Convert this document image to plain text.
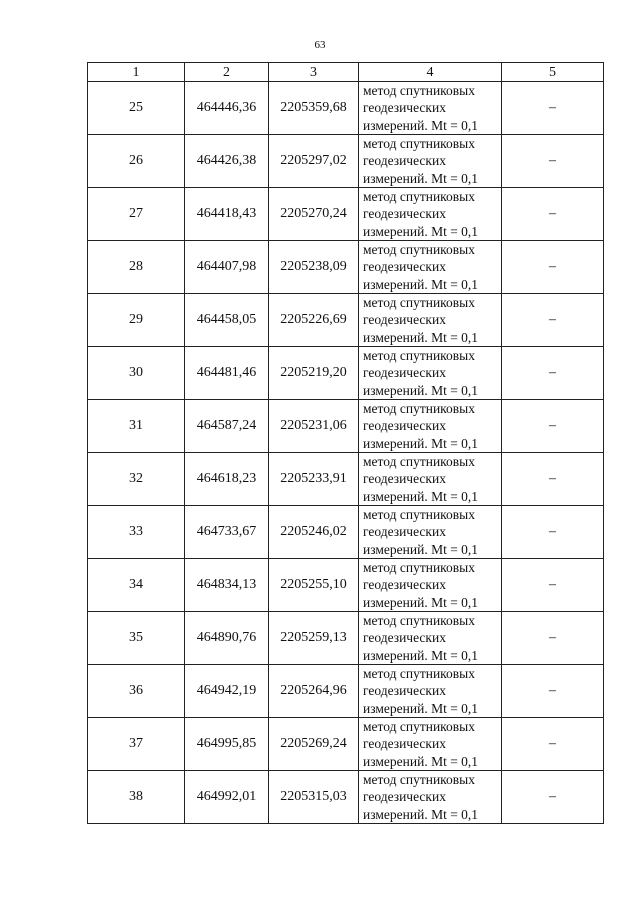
63
1	2	3	4	5
25	464446,36	2205359,68	метод спутниковых
геодезических
измерений. Mt = 0,1	–
26	464426,38	2205297,02	метод спутниковых
геодезических
измерений. Mt = 0,1	–
27	464418,43	2205270,24	метод спутниковых
геодезических
измерений. Mt = 0,1	–
28	464407,98	2205238,09	метод спутниковых
геодезических
измерений. Mt = 0,1	–
29	464458,05	2205226,69	метод спутниковых
геодезических
измерений. Mt = 0,1	–
30	464481,46	2205219,20	метод спутниковых
геодезических
измерений. Mt = 0,1	–
31	464587,24	2205231,06	метод спутниковых
геодезических
измерений. Mt = 0,1	–
32	464618,23	2205233,91	метод спутниковых
геодезических
измерений. Mt = 0,1	–
33	464733,67	2205246,02	метод спутниковых
геодезических
измерений. Mt = 0,1	–
34	464834,13	2205255,10	метод спутниковых
геодезических
измерений. Mt = 0,1	–
35	464890,76	2205259,13	метод спутниковых
геодезических
измерений. Mt = 0,1	–
36	464942,19	2205264,96	метод спутниковых
геодезических
измерений. Mt = 0,1	–
37	464995,85	2205269,24	метод спутниковых
геодезических
измерений. Mt = 0,1	–
38	464992,01	2205315,03	метод спутниковых
геодезических
измерений. Mt = 0,1	–
